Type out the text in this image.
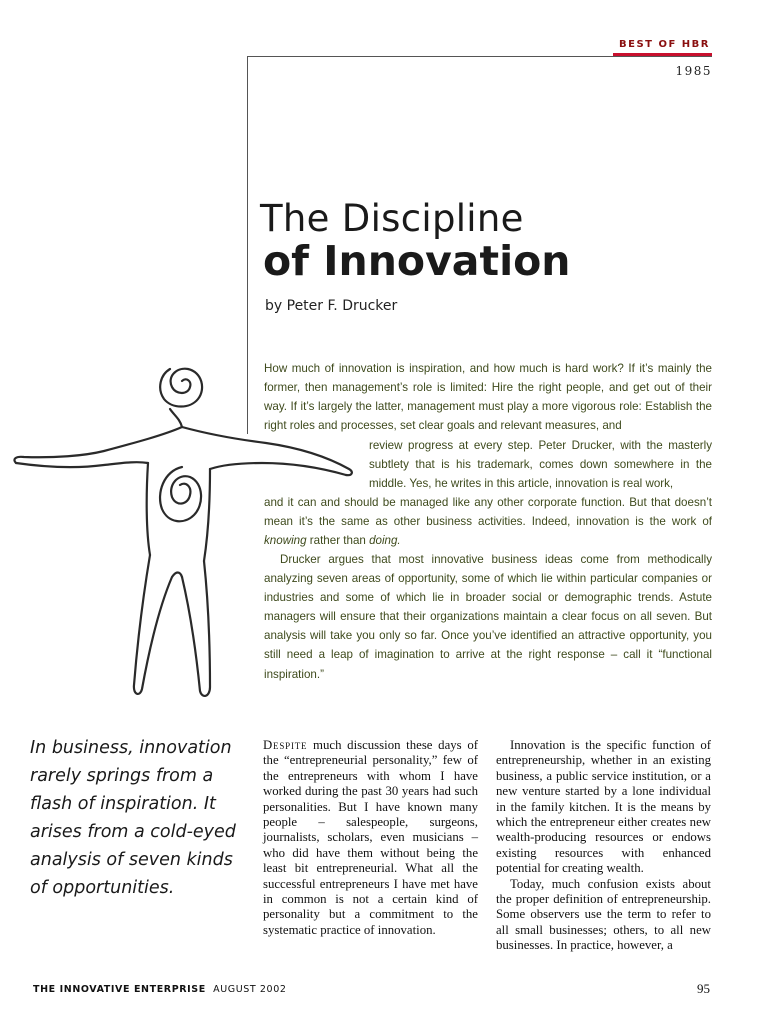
BEST OF HBR
1985
The Discipline
of Innovation
by Peter F. Drucker

How much of innovation is inspiration, and how much is hard work? If it’s mainly the former, then management’s role is limited: Hire the right people, and get out of their way. If it’s largely the latter, management must play a more vigorous role: Establish the right roles and processes, set clear goals and relevant measures, and

review progress at every step. Peter Drucker, with the masterly subtlety that is his trademark, comes down somewhere in the middle. Yes, he writes in this article, innovation is real work,

and it can and should be managed like any other corporate function. But that doesn’t mean it’s the same as other business activities. Indeed, innovation is the work of knowing rather than doing.

Drucker argues that most innovative business ideas come from methodically analyzing seven areas of opportunity, some of which lie within particular companies or industries and some of which lie in broader social or demographic trends. Astute managers will ensure that their organizations maintain a clear focus on all seven. But analysis will take you only so far. Once you’ve identified an attractive opportunity, you still need a leap of imagination to arrive at the right response – call it “functional inspiration.”

In business, innovation rarely springs from a flash of inspiration. It arises from a cold-eyed analysis of seven kinds of opportunities.

Despite much discussion these days of the “entrepreneurial personality,” few of the entrepreneurs with whom I have worked during the past 30 years had such personalities. But I have known many people – salespeople, surgeons, journalists, scholars, even musicians – who did have them without being the least bit entrepreneurial. What all the successful entrepreneurs I have met have in common is not a certain kind of personality but a commitment to the systematic practice of innovation.

Innovation is the specific function of entrepreneurship, whether in an existing business, a public service institution, or a new venture started by a lone individual in the family kitchen. It is the means by which the entrepreneur either creates new wealth-producing resources or endows existing resources with enhanced potential for creating wealth.

Today, much confusion exists about the proper definition of entrepreneurship. Some observers use the term to refer to all small businesses; others, to all new businesses. In practice, however, a

THE INNOVATIVE ENTERPRISE AUGUST 2002	95
